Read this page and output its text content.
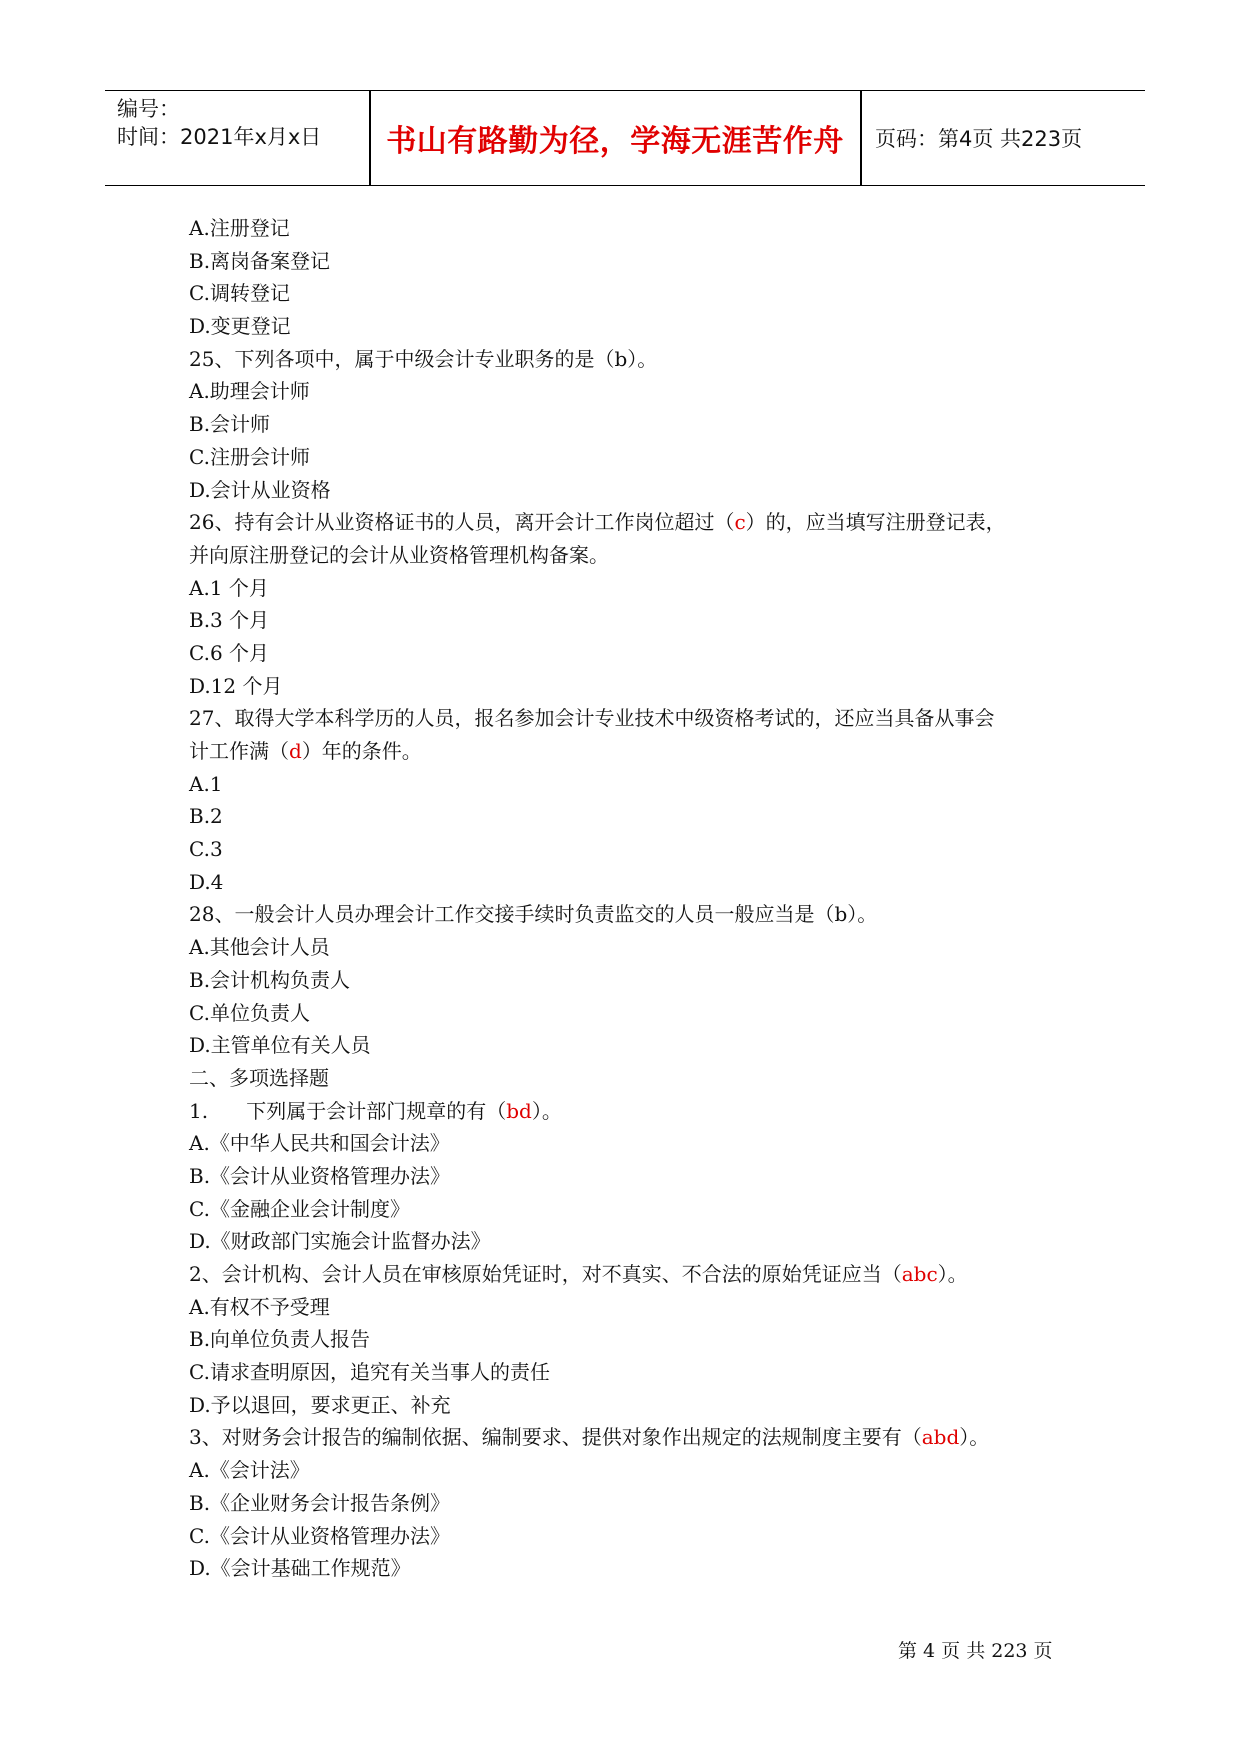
编号：
时间：2021年x月x日	书山有路勤为径，学海无涯苦作舟	页码：第4页 共223页
A.注册登记
B.离岗备案登记
C.调转登记
D.变更登记
25、下列各项中，属于中级会计专业职务的是（b）。
A.助理会计师
B.会计师
C.注册会计师
D.会计从业资格
26、持有会计从业资格证书的人员，离开会计工作岗位超过（c）的，应当填写注册登记表，
并向原注册登记的会计从业资格管理机构备案。
A.1 个月
B.3 个月
C.6 个月
D.12 个月
27、取得大学本科学历的人员，报名参加会计专业技术中级资格考试的，还应当具备从事会
计工作满（d）年的条件。
A.1
B.2
C.3
D.4
28、一般会计人员办理会计工作交接手续时负责监交的人员一般应当是（b）。
A.其他会计人员
B.会计机构负责人
C.单位负责人
D.主管单位有关人员
二、多项选择题
1.      下列属于会计部门规章的有（bd）。
A.《中华人民共和国会计法》
B.《会计从业资格管理办法》
C.《金融企业会计制度》
D.《财政部门实施会计监督办法》
2、会计机构、会计人员在审核原始凭证时，对不真实、不合法的原始凭证应当（abc）。
A.有权不予受理
B.向单位负责人报告
C.请求查明原因，追究有关当事人的责任
D.予以退回，要求更正、补充
3、对财务会计报告的编制依据、编制要求、提供对象作出规定的法规制度主要有（abd）。
A.《会计法》
B.《企业财务会计报告条例》
C.《会计从业资格管理办法》
D.《会计基础工作规范》
第 4 页 共 223 页
